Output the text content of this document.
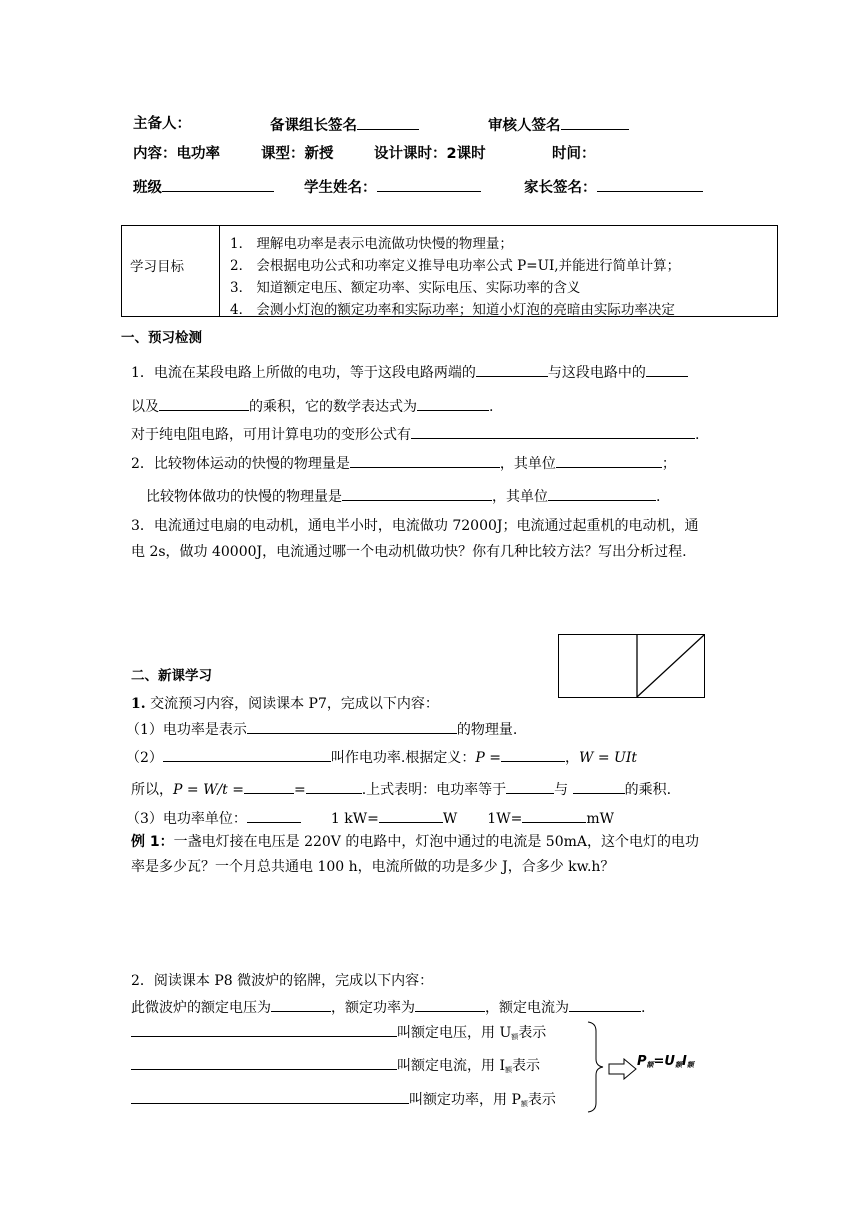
主备人：	备课组长签名	审核人签名
内容：电功率	课型：新授	设计课时：2课时	时间：
班级	学生姓名：	家长签名：
学习目标
1． 理解电功率是表示电流做功快慢的物理量；
2． 会根据电功公式和功率定义推导电功率公式 P=UI,并能进行简单计算；
3． 知道额定电压、额定功率、实际电压、实际功率的含义
4． 会测小灯泡的额定功率和实际功率；知道小灯泡的亮暗由实际功率决定
一、预习检测
1．电流在某段电路上所做的电功，等于这段电路两端的	与这段电路中的
以及	的乘积，它的数学表达式为	.
对于纯电阻电路，可用计算电功的变形公式有	.
2．比较物体运动的快慢的物理量是	，其单位	；
比较物体做功的快慢的物理量是	，其单位	.
3．电流通过电扇的电动机，通电半小时，电流做功 72000J；电流通过起重机的电动机，通
电 2s，做功 40000J，电流通过哪一个电动机做功快？你有几种比较方法？写出分析过程.
二、新课学习
1. 交流预习内容，阅读课本 P7，完成以下内容：
（1）电功率是表示	的物理量.
（2）	叫作电功率.根据定义：P =	，W = UIt
所以，P = W/t =	=	.上式表明：电功率等于	与	的乘积.
（3）电功率单位：	1 kW=	W 1W=	mW
例 1：一盏电灯接在电压是 220V 的电路中，灯泡中通过的电流是 50mA，这个电灯的电功
率是多少瓦？一个月总共通电 100 h，电流所做的功是多少 J，合多少 kw.h？
2．阅读课本 P8 微波炉的铭牌，完成以下内容：
此微波炉的额定电压为	，额定功率为	，额定电流为	.
叫额定电压，用 $U_额$表示
叫额定电流，用 $I_额$表示
叫额定功率，用 $P_额$表示
$P_额=U_额I_额$
